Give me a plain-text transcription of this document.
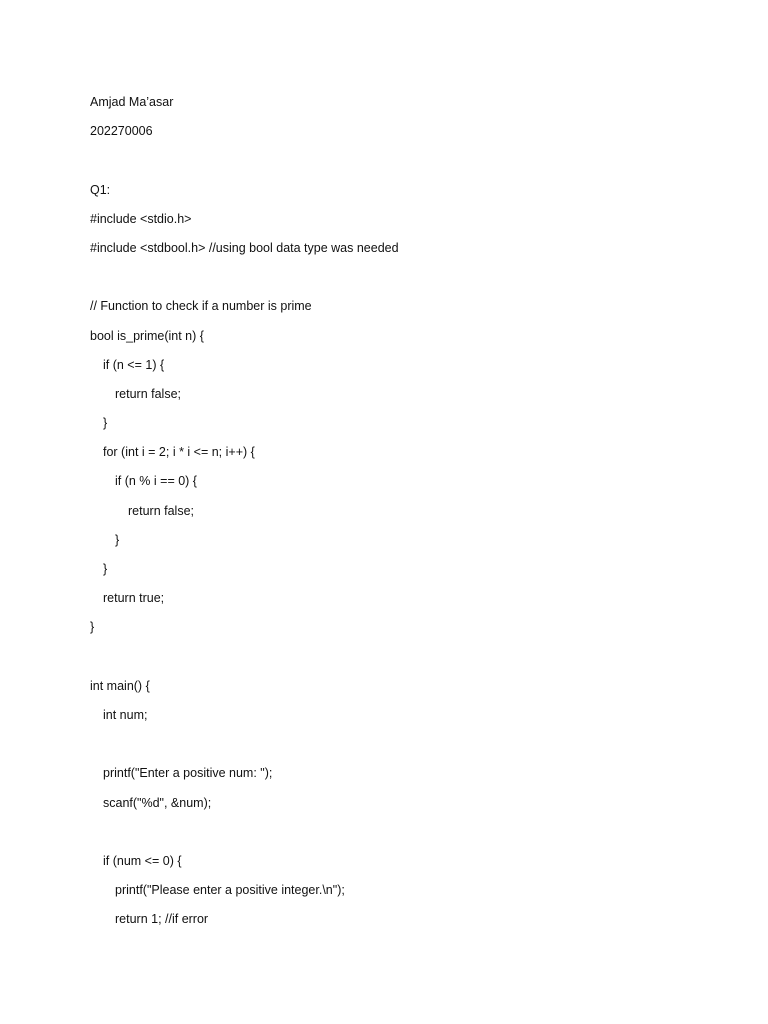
Amjad Ma’asar
202270006
Q1:
#include <stdio.h>
#include <stdbool.h> //using bool data type was needed
// Function to check if a number is prime
bool is_prime(int n) {
if (n <= 1) {
return false;
}
for (int i = 2; i * i <= n; i++) {
if (n % i == 0) {
return false;
}
}
return true;
}
int main() {
int num;
printf("Enter a positive num: ");
scanf("%d", &num);
if (num <= 0) {
printf("Please enter a positive integer.\n");
return 1; //if error
